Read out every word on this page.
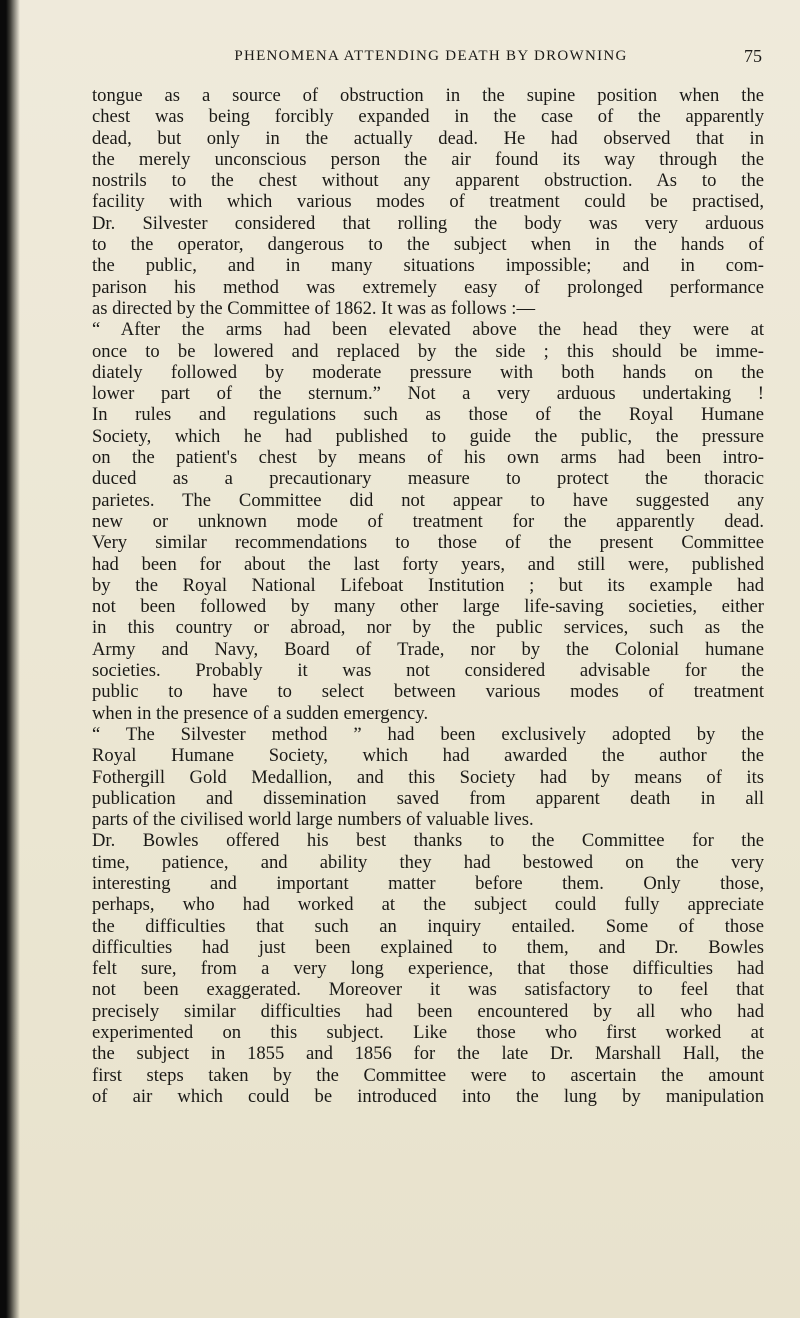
PHENOMENA ATTENDING DEATH BY DROWNING	75
tongue as a source of obstruction in the supine position when the
chest was being forcibly expanded in the case of the apparently
dead, but only in the actually dead. He had observed that in
the merely unconscious person the air found its way through the
nostrils to the chest without any apparent obstruction. As to the
facility with which various modes of treatment could be practised,
Dr. Silvester considered that rolling the body was very arduous
to the operator, dangerous to the subject when in the hands of
the public, and in many situations impossible; and in com-
parison his method was extremely easy of prolonged performance
as directed by the Committee of 1862. It was as follows :—
“ After the arms had been elevated above the head they were at
once to be lowered and replaced by the side ; this should be imme-
diately followed by moderate pressure with both hands on the
lower part of the sternum.” Not a very arduous undertaking !
In rules and regulations such as those of the Royal Humane
Society, which he had published to guide the public, the pressure
on the patient's chest by means of his own arms had been intro-
duced as a precautionary measure to protect the thoracic
parietes. The Committee did not appear to have suggested any
new or unknown mode of treatment for the apparently dead.
Very similar recommendations to those of the present Committee
had been for about the last forty years, and still were, published
by the Royal National Lifeboat Institution ; but its example had
not been followed by many other large life-saving societies, either
in this country or abroad, nor by the public services, such as the
Army and Navy, Board of Trade, nor by the Colonial humane
societies. Probably it was not considered advisable for the
public to have to select between various modes of treatment
when in the presence of a sudden emergency.
“ The Silvester method ” had been exclusively adopted by the
Royal Humane Society, which had awarded the author the
Fothergill Gold Medallion, and this Society had by means of its
publication and dissemination saved from apparent death in all
parts of the civilised world large numbers of valuable lives.
Dr. Bowles offered his best thanks to the Committee for the
time, patience, and ability they had bestowed on the very
interesting and important matter before them. Only those,
perhaps, who had worked at the subject could fully appreciate
the difficulties that such an inquiry entailed. Some of those
difficulties had just been explained to them, and Dr. Bowles
felt sure, from a very long experience, that those difficulties had
not been exaggerated. Moreover it was satisfactory to feel that
precisely similar difficulties had been encountered by all who had
experimented on this subject. Like those who first worked at
the subject in 1855 and 1856 for the late Dr. Marshall Hall, the
first steps taken by the Committee were to ascertain the amount
of air which could be introduced into the lung by manipulation
